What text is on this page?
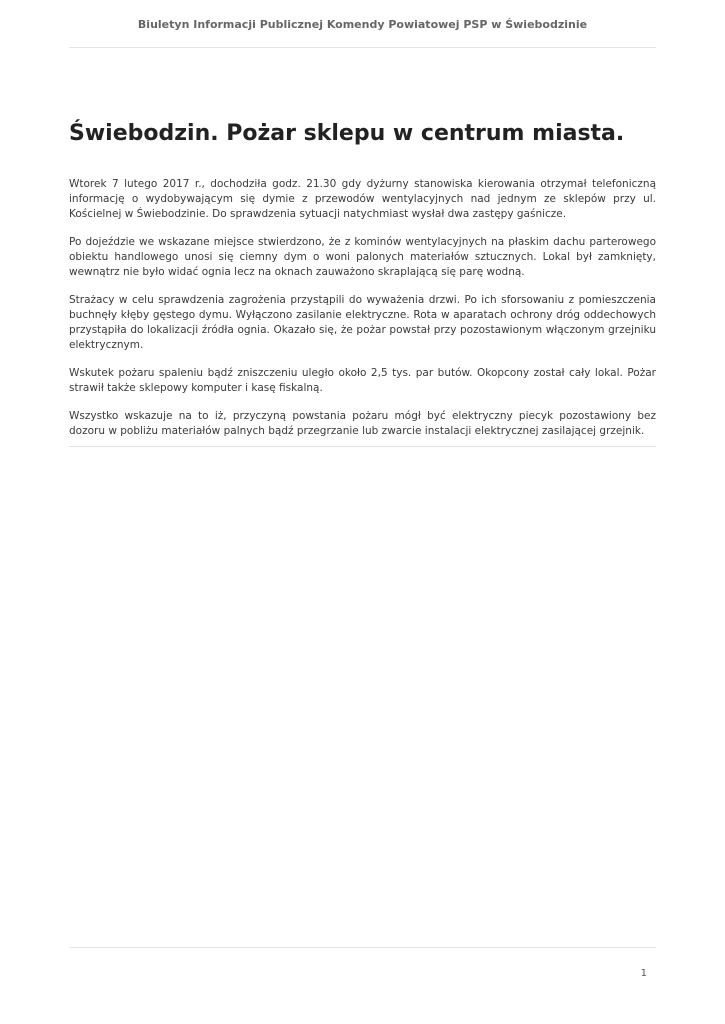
Biuletyn Informacji Publicznej Komendy Powiatowej PSP w Świebodzinie
Świebodzin. Pożar sklepu w centrum miasta.

Wtorek 7 lutego 2017 r., dochodziła godz. 21.30 gdy dyżurny stanowiska kierowania otrzymał telefoniczną informację o wydobywającym się dymie z przewodów wentylacyjnych nad jednym ze sklepów przy ul. Kościelnej w Świebodzinie. Do sprawdzenia sytuacji natychmiast wysłał dwa zastępy gaśnicze.

Po dojeździe we wskazane miejsce stwierdzono, że z kominów wentylacyjnych na płaskim dachu parterowego obiektu handlowego unosi się ciemny dym o woni palonych materiałów sztucznych. Lokal był zamknięty, wewnątrz nie było widać ognia lecz na oknach zauważono skraplającą się parę wodną.

Strażacy w celu sprawdzenia zagrożenia przystąpili do wyważenia drzwi. Po ich sforsowaniu z pomieszczenia buchnęły kłęby gęstego dymu. Wyłączono zasilanie elektryczne. Rota w aparatach ochrony dróg oddechowych przystąpiła do lokalizacji źródła ognia. Okazało się, że pożar powstał przy pozostawionym włączonym grzejniku elektrycznym.

Wskutek pożaru spaleniu bądź zniszczeniu uległo około 2,5 tys. par butów. Okopcony został cały lokal. Pożar strawił także sklepowy komputer i kasę fiskalną.

Wszystko wskazuje na to iż, przyczyną powstania pożaru mógł być elektryczny piecyk pozostawiony bez dozoru w pobliżu materiałów palnych bądź przegrzanie lub zwarcie instalacji elektrycznej zasilającej grzejnik.

1
